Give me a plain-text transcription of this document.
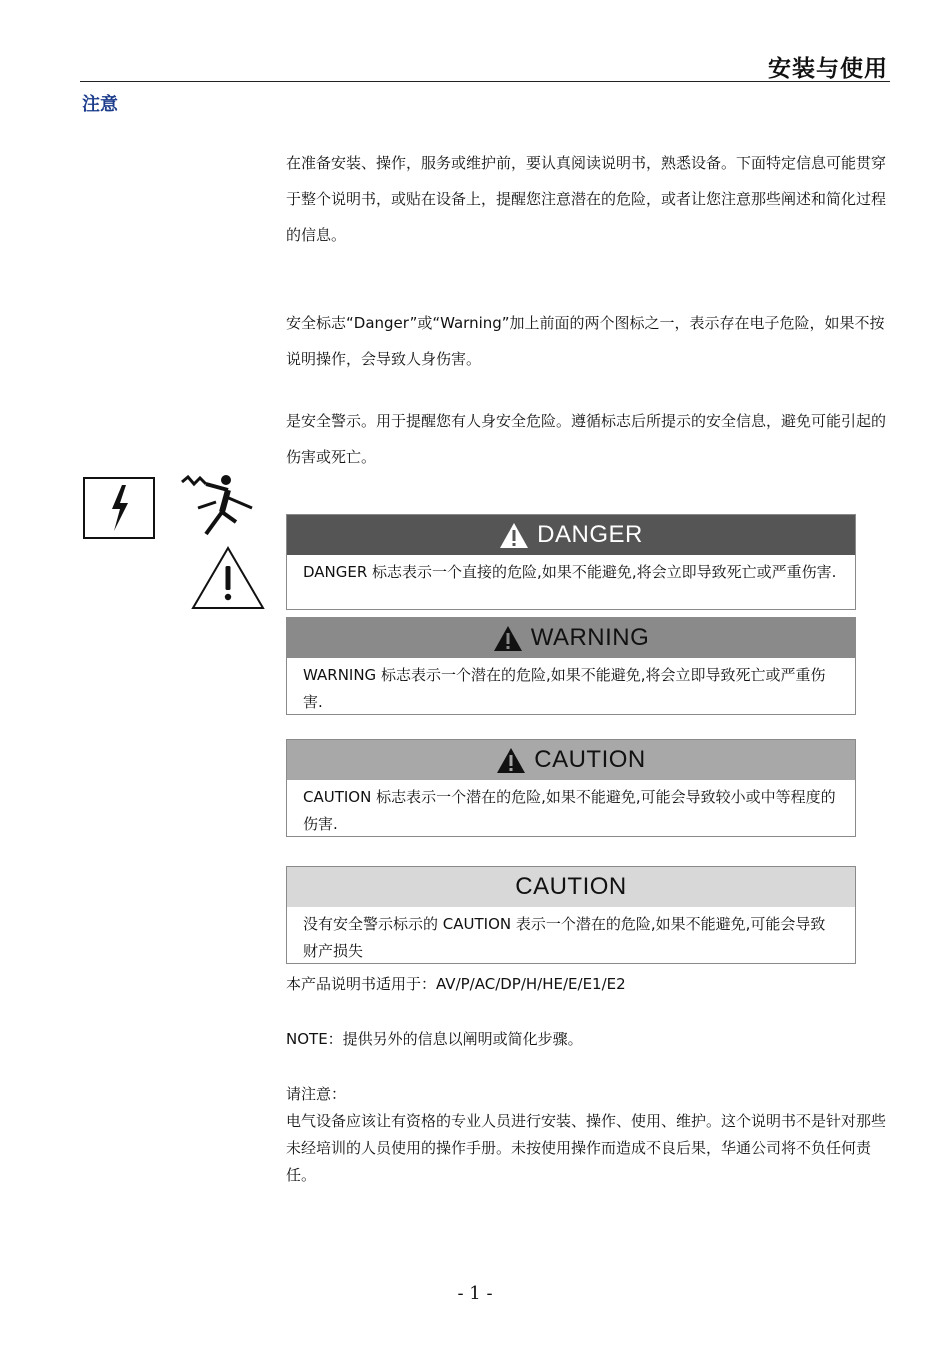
安装与使用
注意
在准备安装、操作，服务或维护前，要认真阅读说明书，熟悉设备。下面特定信息可能贯穿于整个说明书，或贴在设备上，提醒您注意潜在的危险，或者让您注意那些阐述和简化过程的信息。
安全标志“Danger”或“Warning”加上前面的两个图标之一，表示存在电子危险，如果不按说明操作，会导致人身伤害。
是安全警示。用于提醒您有人身安全危险。遵循标志后所提示的安全信息，避免可能引起的伤害或死亡。
DANGER
DANGER 标志表示一个直接的危险,如果不能避免,将会立即导致死亡或严重伤害.
WARNING
WARNING 标志表示一个潜在的危险,如果不能避免,将会立即导致死亡或严重伤害.
CAUTION
CAUTION 标志表示一个潜在的危险,如果不能避免,可能会导致较小或中等程度的伤害.
CAUTION
没有安全警示标示的 CAUTION 表示一个潜在的危险,如果不能避免,可能会导致财产损失
本产品说明书适用于：AV/P/AC/DP/H/HE/E/E1/E2
NOTE：提供另外的信息以阐明或简化步骤。
请注意：
电气设备应该让有资格的专业人员进行安装、操作、使用、维护。这个说明书不是针对那些未经培训的人员使用的操作手册。未按使用操作而造成不良后果，华通公司将不负任何责任。
- 1 -
